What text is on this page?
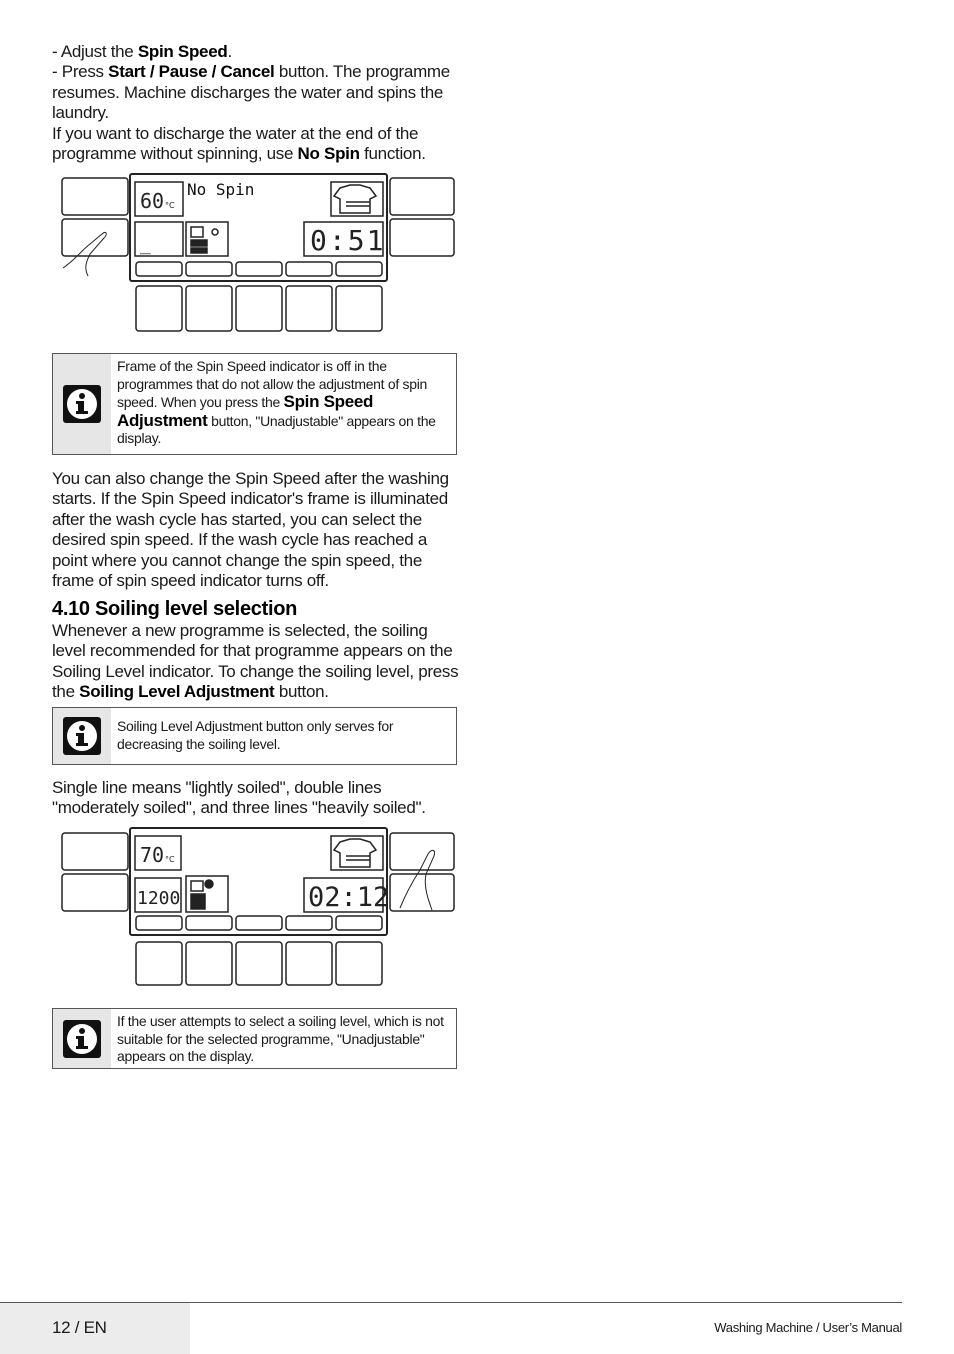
- Adjust the Spin Speed.

- Press Start / Pause / Cancel button. The programme resumes. Machine discharges the water and spins the laundry.

If you want to discharge the water at the end of the programme without spinning, use No Spin function.

60 °C
No Spin
_	0:51
Frame of the Spin Speed indicator is off in the programmes that do not allow the adjustment of spin speed. When you press the Spin Speed Adjustment button, "Unadjustable" appears on the display.

You can also change the Spin Speed after the washing starts. If the Spin Speed indicator's frame is illuminated after the wash cycle has started, you can select the desired spin speed. If the wash cycle has reached a point where you cannot change the spin speed, the frame of spin speed indicator turns off.

4.10 Soiling level selection

Whenever a new programme is selected, the soiling level recommended for that programme appears on the Soiling Level indicator. To change the soiling level, press the Soiling Level Adjustment button.

Soiling Level Adjustment button only serves for decreasing the soiling level.

Single line means "lightly soiled", double lines "moderately soiled", and three lines "heavily soiled".

70 °C
1200	02:12
If the user attempts to select a soiling level, which is not suitable for the selected programme, "Unadjustable" appears on the display.
12 / EN	Washing Machine / User’s Manual
